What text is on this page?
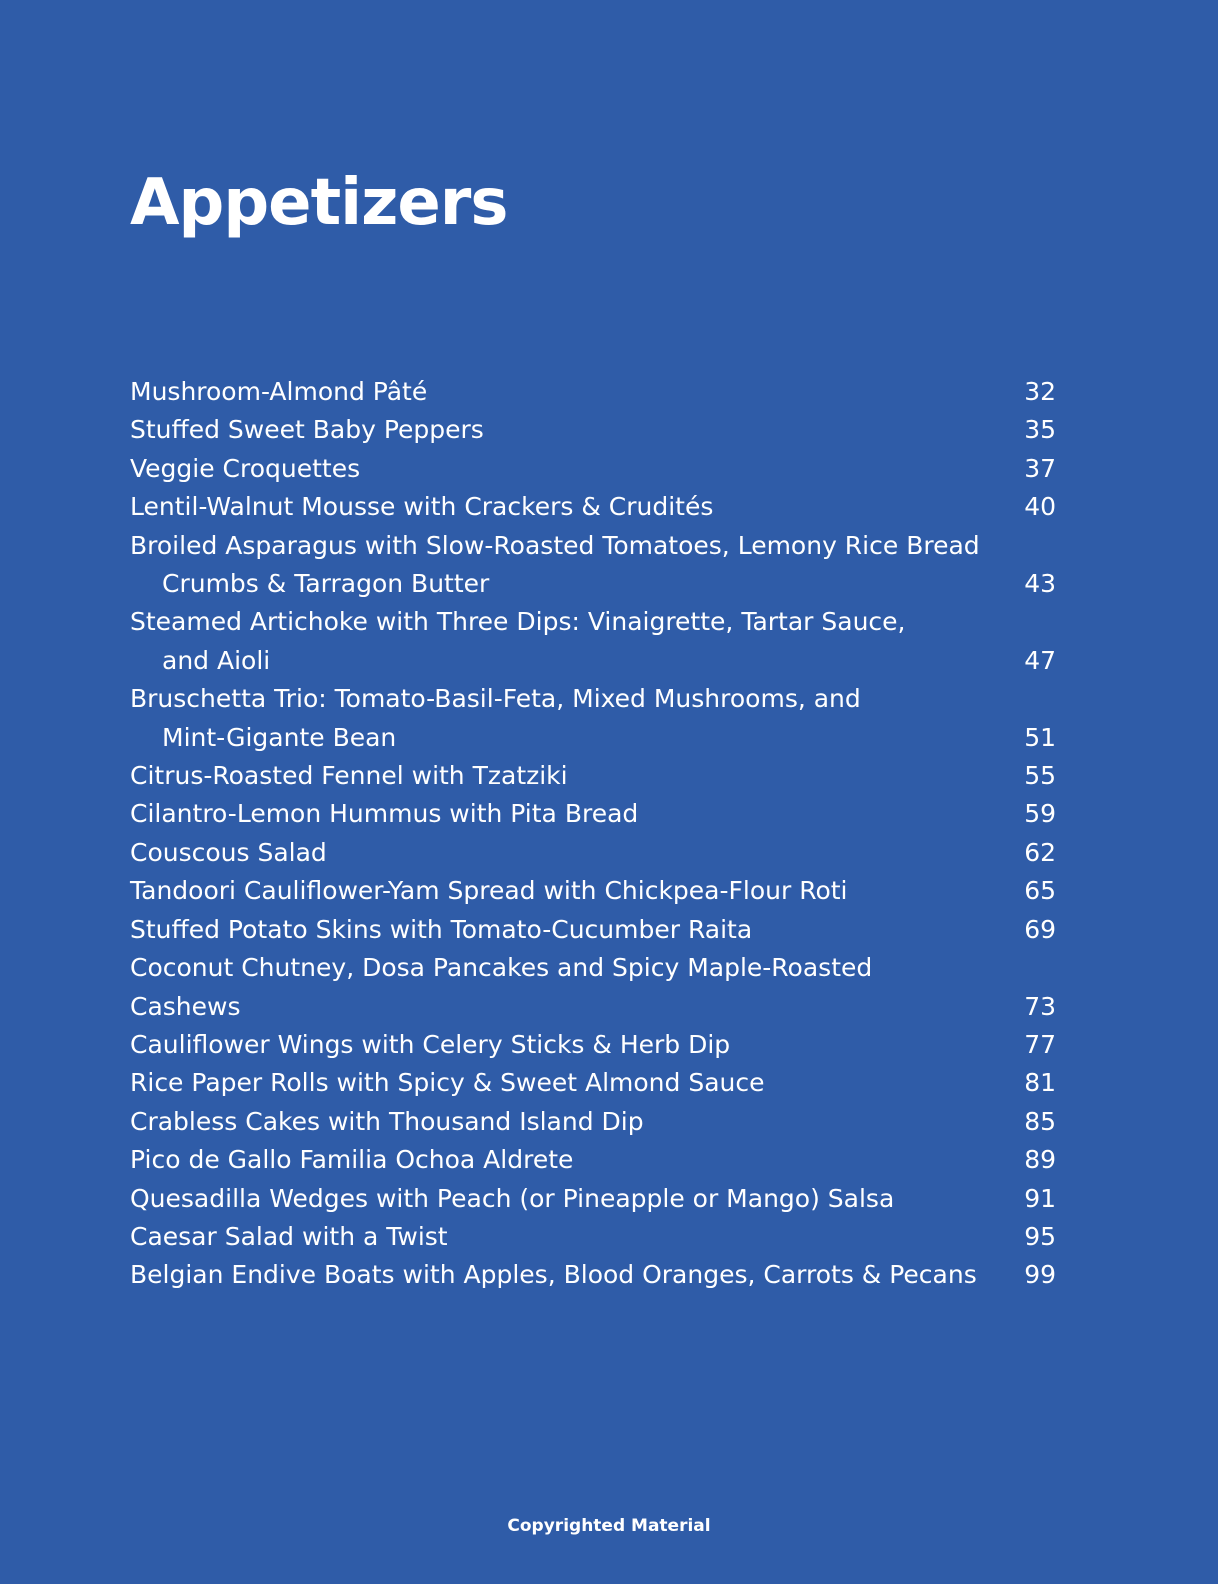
Appetizers
Mushroom-Almond Pâté	32
Stuffed Sweet Baby Peppers	35
Veggie Croquettes	37
Lentil-Walnut Mousse with Crackers & Crudités	40
Broiled Asparagus with Slow-Roasted Tomatoes, Lemony Rice Bread
Crumbs & Tarragon Butter	43
Steamed Artichoke with Three Dips: Vinaigrette, Tartar Sauce,
and Aioli	47
Bruschetta Trio: Tomato-Basil-Feta, Mixed Mushrooms, and
Mint-Gigante Bean	51
Citrus-Roasted Fennel with Tzatziki	55
Cilantro-Lemon Hummus with Pita Bread	59
Couscous Salad	62
Tandoori Cauliflower-Yam Spread with Chickpea-Flour Roti	65
Stuffed Potato Skins with Tomato-Cucumber Raita	69
Coconut Chutney, Dosa Pancakes and Spicy Maple-Roasted Cashews	73
Cauliflower Wings with Celery Sticks & Herb Dip	77
Rice Paper Rolls with Spicy & Sweet Almond Sauce	81
Crabless Cakes with Thousand Island Dip	85
Pico de Gallo Familia Ochoa Aldrete	89
Quesadilla Wedges with Peach (or Pineapple or Mango) Salsa	91
Caesar Salad with a Twist	95
Belgian Endive Boats with Apples, Blood Oranges, Carrots & Pecans	99
Copyrighted Material
